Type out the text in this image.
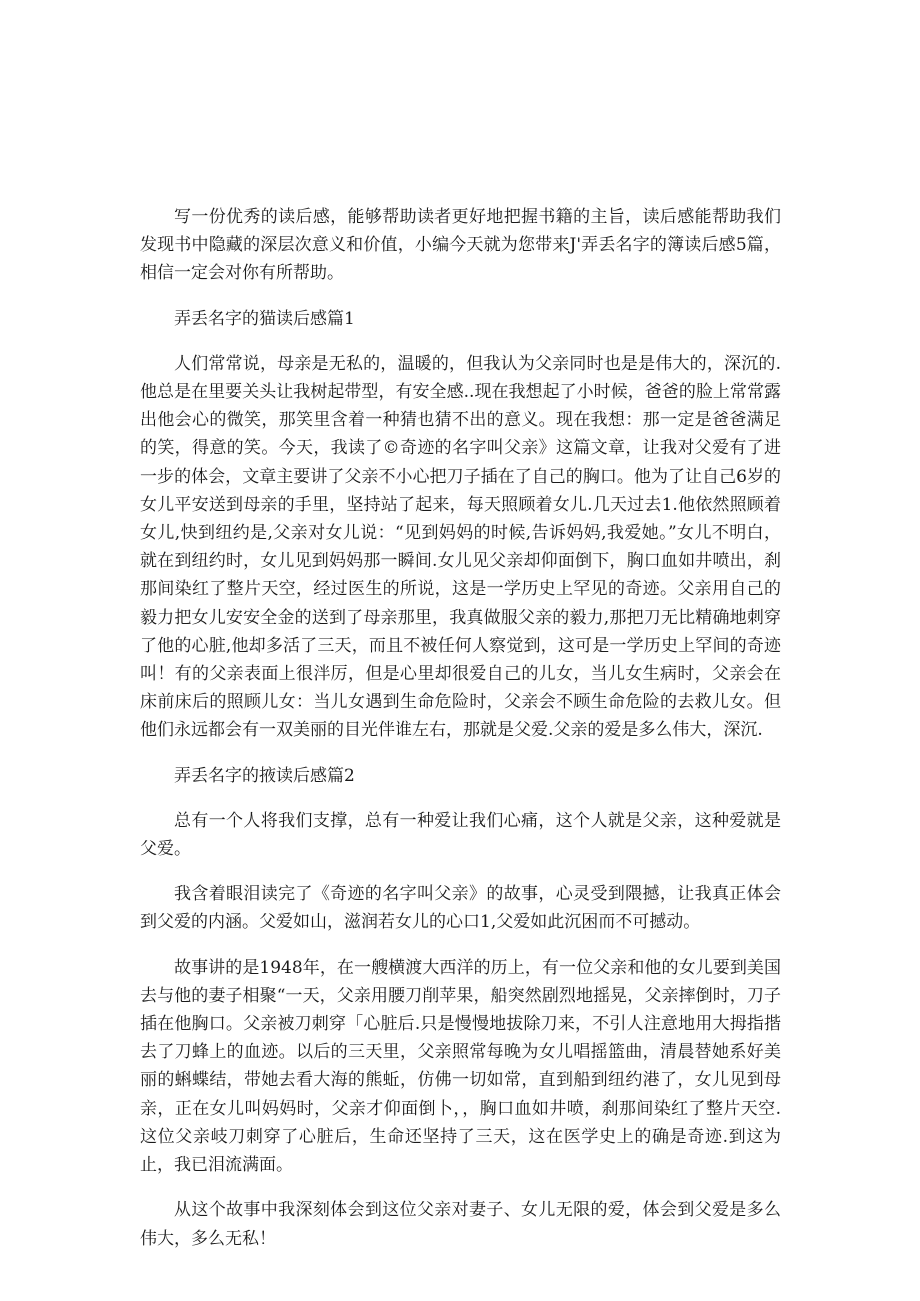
写一份优秀的读后感，能够帮助读者更好地把握书籍的主旨，读后感能帮助我们发现书中隐藏的深层次意义和价值，小编今天就为您带来J'弄丢名字的簿读后感5篇，相信一定会对你有所帮助。

弄丢名字的猫读后感篇1

人们常常说，母亲是无私的，温暖的，但我认为父亲同时也是是伟大的，深沉的.他总是在里要关头让我树起带型，有安全感..现在我想起了小时候，爸爸的脸上常常露出他会心的微笑，那笑里含着一种猜也猜不出的意义。现在我想：那一定是爸爸满足的笑，得意的笑。今天，我读了©奇迹的名字叫父亲》这篇文章，让我对父爱有了进一步的体会，文章主要讲了父亲不小心把刀子插在了自己的胸口。他为了让自己6岁的女儿平安送到母亲的手里，坚持站了起来，每天照顾着女儿.几天过去1.他依然照顾着女儿,快到纽约是,父亲对女儿说：“见到妈妈的时候,告诉妈妈,我爱她。”女儿不明白，就在到纽约时，女儿见到妈妈那一瞬间.女儿见父亲却仰面倒下，胸口血如井喷出，刹那间染红了整片天空，经过医生的所说，这是一学历史上罕见的奇迹。父亲用自己的毅力把女儿安安全金的送到了母亲那里，我真做服父亲的毅力,那把刀无比精确地刺穿了他的心脏,他却多活了三天，而且不被任何人察觉到，这可是一学历史上罕间的奇迹叫！有的父亲表面上很泮厉，但是心里却很爱自己的儿女，当儿女生病时，父亲会在床前床后的照顾儿女：当儿女遇到生命危险时，父亲会不顾生命危险的去救儿女。但他们永远都会有一双美丽的目光伴谁左右，那就是父爱.父亲的爱是多么伟大，深沉.

弄丢名字的掖读后感篇2

总有一个人将我们支撑，总有一种爱让我们心痛，这个人就是父亲，这种爱就是父爱。

我含着眼泪读完了《奇迹的名字叫父亲》的故事，心灵受到隈撼，让我真正体会到父爱的内涵。父爱如山，滋润若女儿的心口1,父爱如此沉困而不可撼动。

故事讲的是1948年，在一艘横渡大西洋的历上，有一位父亲和他的女儿要到美国去与他的妻子相聚“一天，父亲用腰刀削苹果，船突然剧烈地摇晃，父亲摔倒时，刀子插在他胸口。父亲被刀刺穿「心脏后.只是慢慢地拔除刀来，不引人注意地用大拇指揩去了刀蜂上的血迹。以后的三天里，父亲照常每晚为女儿唱摇篮曲，清晨替她系好美丽的蝌蝶结，带她去看大海的熊蚯，仿佛一切如常，直到船到纽约港了，女儿见到母亲，正在女儿叫妈妈时，父亲才仰面倒卜，，胸口血如井喷，刹那间染红了整片天空.这位父亲岐刀刺穿了心脏后，生命还坚持了三天，这在医学史上的确是奇迹.到这为止，我已泪流满面。

从这个故事中我深刻体会到这位父亲对妻子、女儿无限的爱，体会到父爱是多么伟大，多么无私！
